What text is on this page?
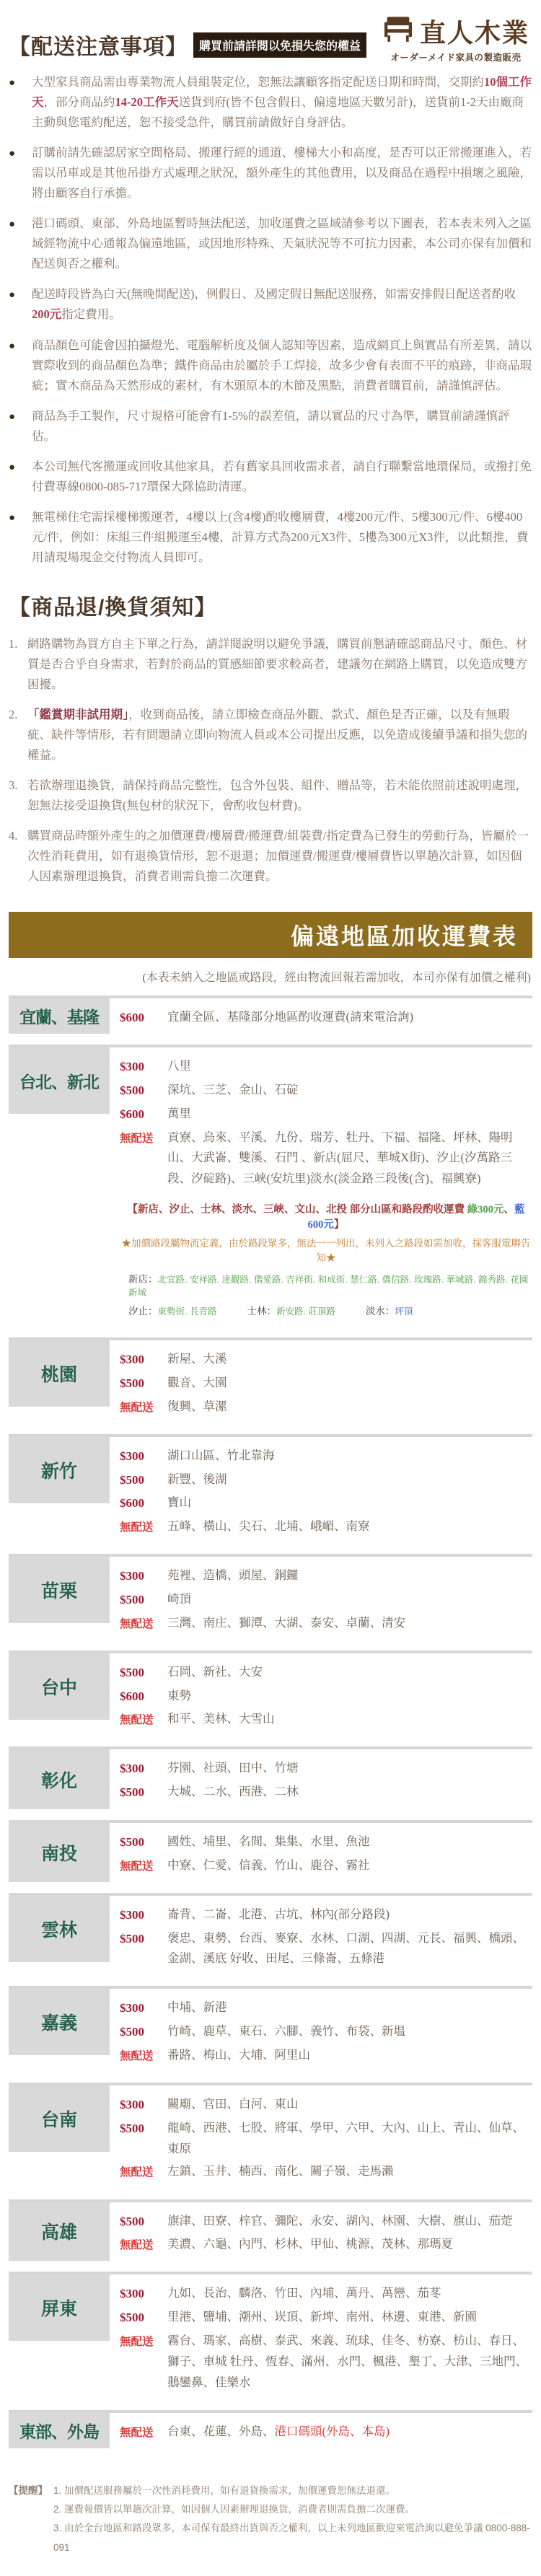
【配送注意事項】	購買前請詳閱以免損失您的權益 直人木業
オーダーメイド家具の製造販売
●	大型家具商品需由專業物流人員組裝定位，恕無法讓顧客指定配送日期和時間，交期約10個工作天，部分商品約14-20工作天送貨到府(皆不包含假日、偏遠地區天數另計)，送貨前1-2天由廠商主動與您電約配送，恕不接受急件，購買前請做好自身評估。
●	訂購前請先確認居家空間格局、搬運行經的通道、樓梯大小和高度，是否可以正常搬運進入，若需以吊車或是其他吊掛方式處理之狀況，額外產生的其他費用，以及商品在過程中損壞之風險，將由顧客自行承擔。
●	港口碼頭、東部、外島地區暫時無法配送，加收運費之區域請參考以下圖表，若本表未列入之區域經物流中心通報為偏遠地區，或因地形特殊、天氣狀況等不可抗力因素，本公司亦保有加價和配送與否之權利。
●	配送時段皆為白天(無晚間配送)，例假日、及國定假日無配送服務，如需安排假日配送者酌收200元指定費用。
●	商品顏色可能會因拍攝燈光、電腦解析度及個人認知等因素，造成網頁上與實品有所差異，請以實際收到的商品顏色為準；鐵件商品由於屬於手工焊接，故多少會有表面不平的痕跡，非商品瑕疵；實木商品為天然形成的素材，有木頭原本的木節及黑點，消費者購買前，請謹慎評估。
●	商品為手工製作，尺寸規格可能會有1-5%的誤差值，請以實品的尺寸為準，購買前請謹慎評估。
●	本公司無代客搬運或回收其他家具，若有舊家具回收需求者，請自行聯繫當地環保局，或撥打免付費專線0800-085-717環保大隊協助清運。
●	無電梯住宅需採樓梯搬運者，4樓以上(含4樓)酌收樓層費，4樓200元/件、5樓300元/件、6樓400元/件，例如：床組三件組搬運至4樓，計算方式為200元X3件、5樓為300元X3件，以此類推，費用請現場現金交付物流人員即可。
【商品退/換貨須知】
1. 網路購物為買方自主下單之行為，請詳閱說明以避免爭議，購買前懇請確認商品尺寸、顏色、材質是否合乎自身需求，若對於商品的質感細節要求較高者，建議勿在網路上購買，以免造成雙方困擾。
2. 「鑑賞期非試用期」，收到商品後，請立即檢查商品外觀、款式、顏色是否正確，以及有無瑕疵、缺件等情形，若有問題請立即向物流人員或本公司提出反應，以免造成後續爭議和損失您的權益。
3. 若欲辦理退換貨，請保持商品完整性，包含外包裝、組件、贈品等，若未能依照前述說明處理，恕無法接受退換貨(無包材的狀況下，會酌收包材費)。
4. 購買商品時額外產生的之加價運費/樓層費/搬運費/組裝費/指定費為已發生的勞動行為，皆屬於一次性消耗費用，如有退換貨情形，恕不退還；加價運費/搬運費/樓層費皆以單趟次計算，如因個人因素辦理退換貨，消費者則需負擔二次運費。
偏遠地區加收運費表
(本表未納入之地區或路段，經由物流回報若需加收，本司亦保有加價之權利)
宜蘭、基隆	$600	宜蘭全區、基隆部分地區酌收運費(請來電洽詢)
台北、新北
$300	八里
$500	深坑、三芝、金山、石碇
$600	萬里
無配送	貢寮、烏來、平溪、九份、瑞芳、牡丹、下福、福隆、坪林、陽明山、大武崙、雙溪、石門 、新店(屈尺、華城X街)、汐止(汐萬路三段、汐碇路)、三峽(安坑里)淡水(淡金路三段後(含)、福興寮)
【新店、汐止、士林、淡水、三峽、文山、北投 部分山區和路段酌收運費 綠300元、藍600元】
★加價路段屬物流定義，由於路段眾多，無法一一列出，未列入之路段如需加收，採客服電聯告知★
新店：北宜路. 安祥路. 達觀路. 僑愛路. 吉祥街. 和成街. 慧仁路. 僑信路. 玫瑰路. 華城路. 錦秀路. 花園新城
汐止：東勢街. 長青路	士林：新安路. 莊頂路	淡水：坪頂
桃園
$300	新屋、大溪
$500	觀音、大園
無配送	復興、草漯
新竹
$300	湖口山區、竹北靠海
$500	新豐、後湖
$600	寶山
無配送	五峰、橫山、尖石、北埔、峨嵋、南寮
苗栗
$300	苑裡、造橋、頭屋、銅鑼
$500	崎頂
無配送	三灣、南庄、獅潭、大湖、泰安、卓蘭、清安
台中
$500	石岡、新社、大安
$600	東勢
無配送	和平、美林、大雪山
彰化
$300	芬園、社頭、田中、竹塘
$500	大城、二水、西港、二林
南投
$500	國姓、埔里、名間、集集、水里、魚池
無配送	中寮、仁愛、信義、竹山、鹿谷、霧社
雲林
$300	崙背、二崙、北港、古坑、林內(部分路段)
$500	褒忠、東勢、台西、麥寮、水林、口湖、四湖、元長、福興、橋頭、金湖、溪底 好收、田尾、三條崙、五條港
嘉義
$300	中埔、新港
$500	竹崎、鹿草、東石、六腳、義竹、布袋、新塭
無配送	番路、梅山、大埔、阿里山
台南
$300	關廟、官田、白河、東山
$500	龍崎、西港、七股、將軍、學甲、六甲、大內、山上、青山、仙草、東原
無配送	左鎮、玉井、楠西、南化、關子嶺、走馬瀨
高雄
$500	旗津、田寮、梓官、彌陀、永安、湖內、林園、大樹、旗山、茄萣
無配送	美濃、六龜、內門、杉林、甲仙、桃源、茂林、那瑪夏
屏東
$300	九如、長治、麟洛、竹田、內埔、萬丹、萬巒、茄苳
$500	里港、鹽埔、潮州、崁頂、新埤、南州、林邊、東港、新園
無配送	霧台、瑪家、高樹、泰武、來義、琉球、佳冬、枋寮、枋山、春日、獅子、車城 牡丹、恆春、滿州、水門、楓港、墾丁、大津、三地門、鵝鑾鼻、佳樂水
東部、外島	無配送	台東、花蓮、外島、港口碼頭(外島、本島)
【提醒】 1. 加價配送服務屬於一次性消耗費用，如有退貨換需求，加價運費恕無法退還。
2. 運費報價皆以單趟次計算，如因個人因素辦理退換貨，消費者則需負擔二次運費。
3. 由於全台地區和路段眾多，本司保有最終出貨與否之權利，以上未列地區歡迎來電洽詢以避免爭議 0800-888-091
